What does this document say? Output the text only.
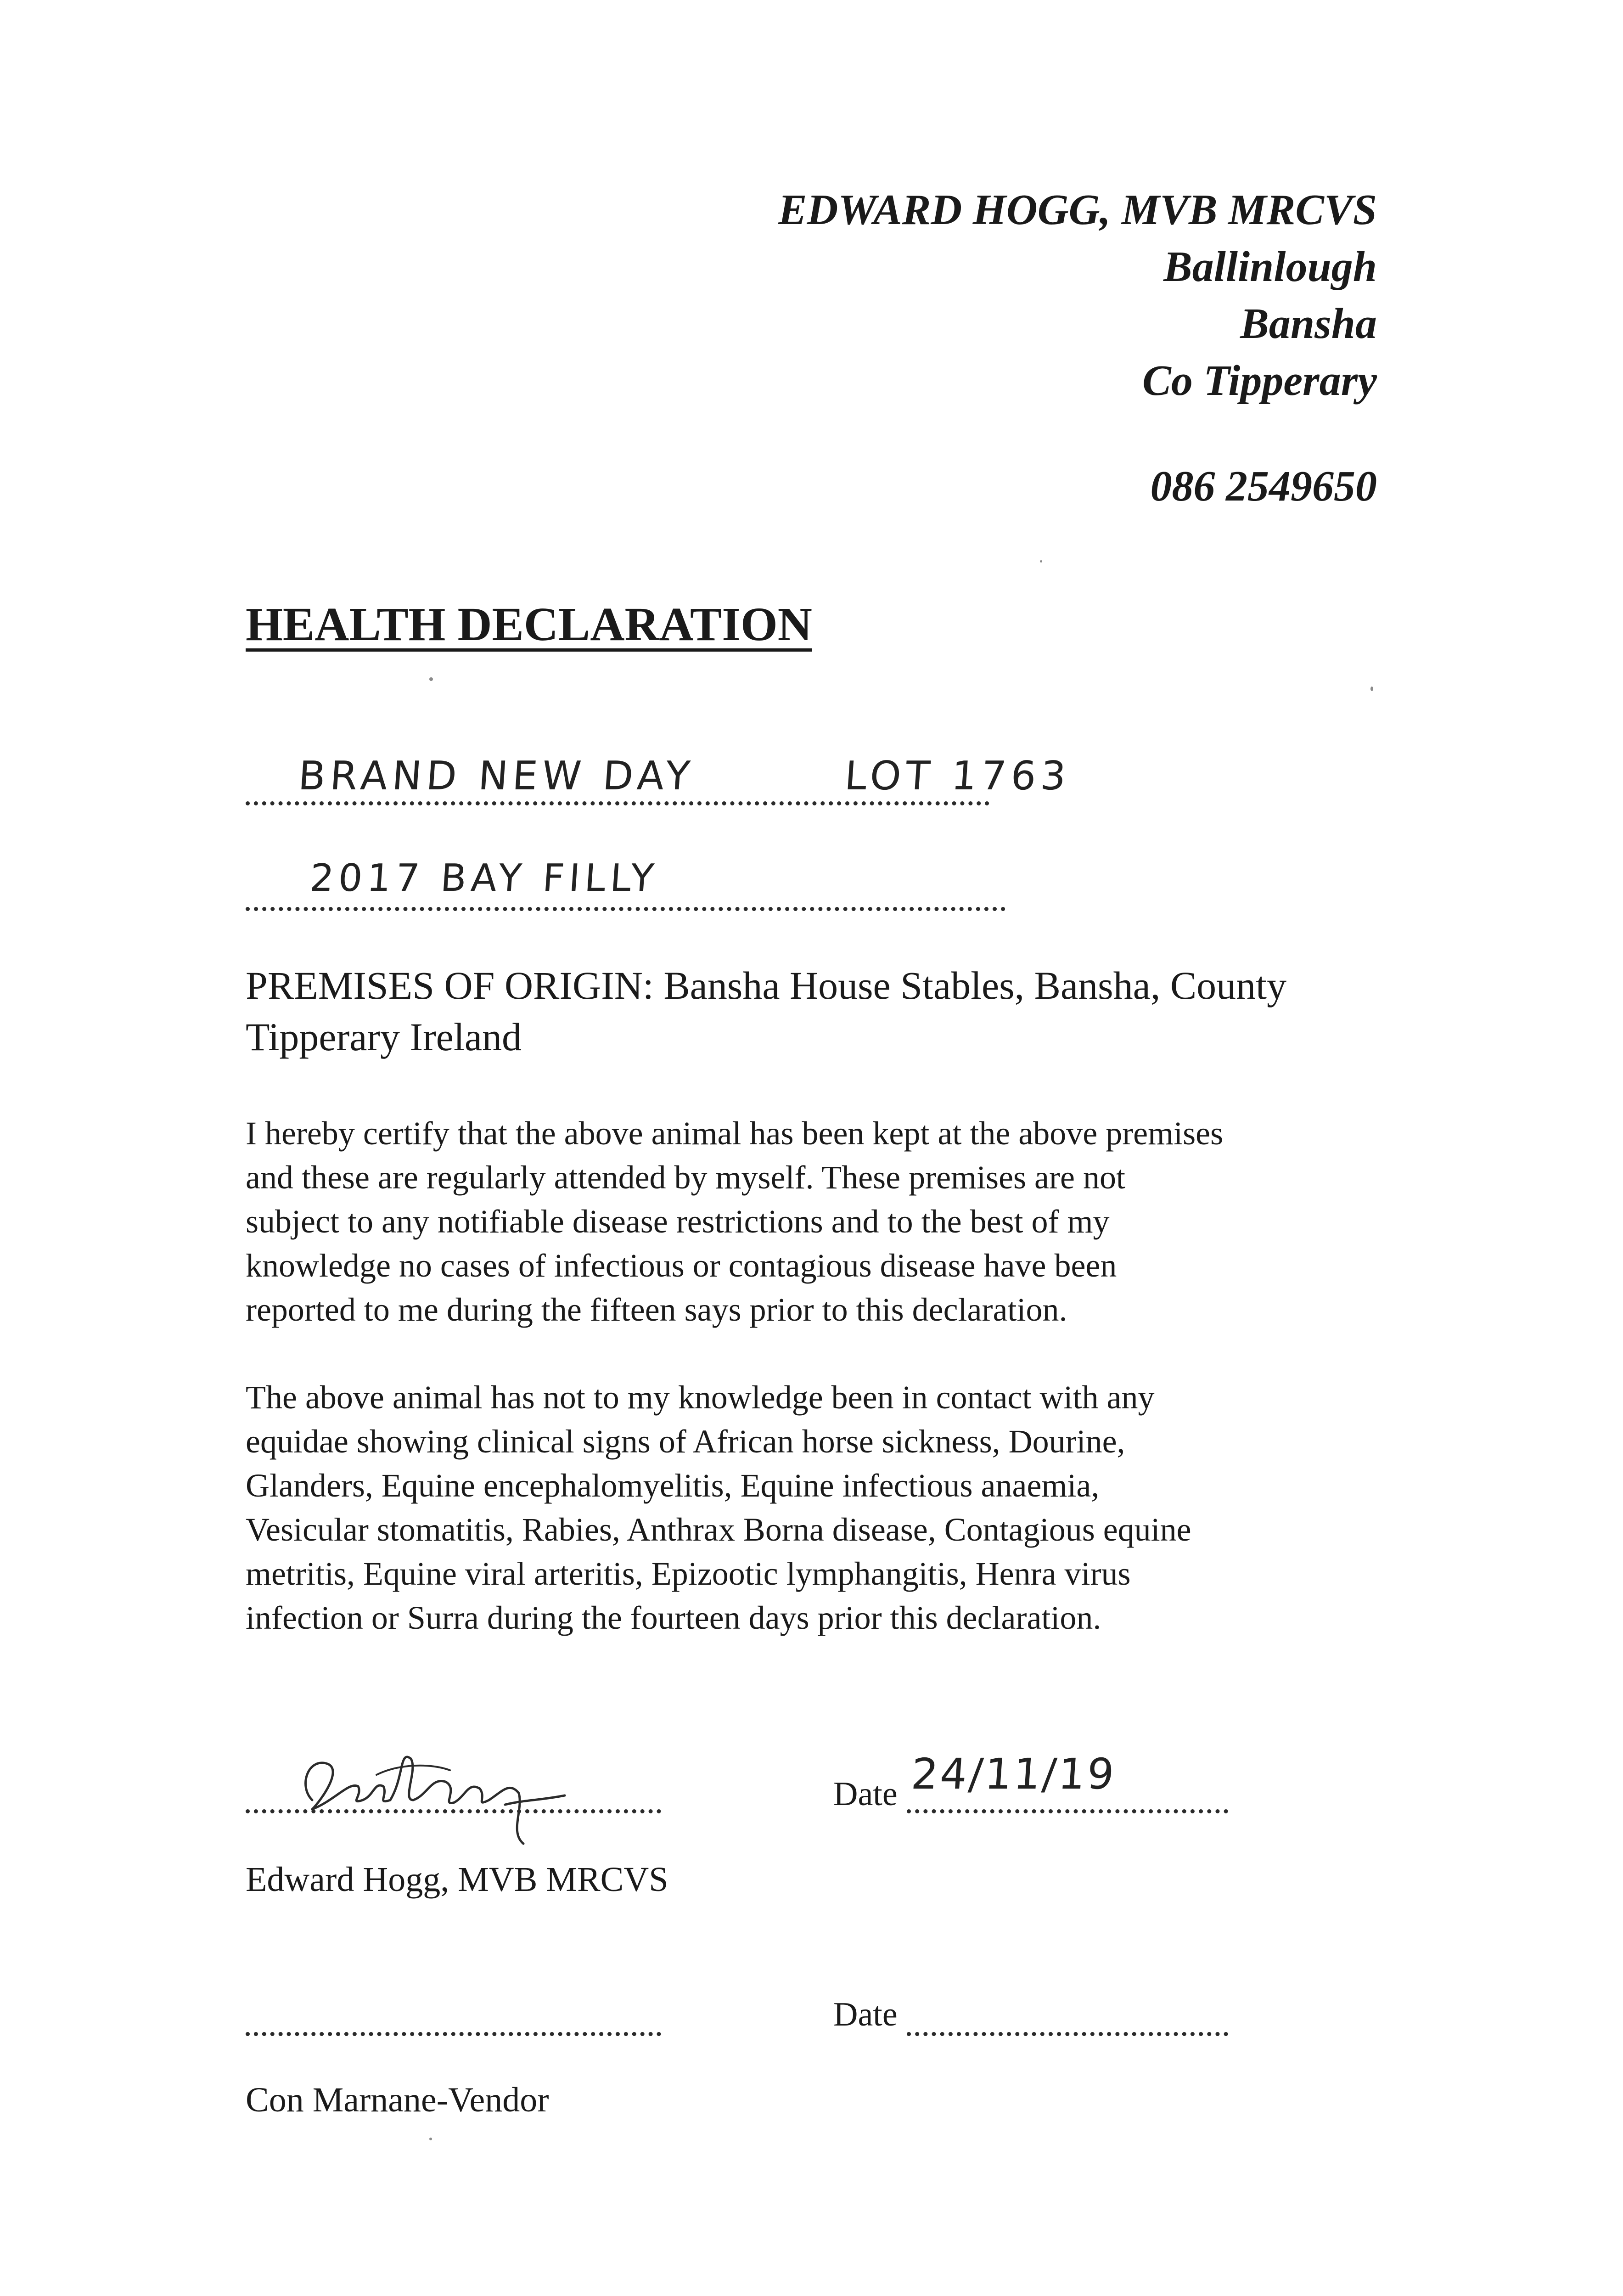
EDWARD HOGG, MVB MRCVS
Ballinlough
Bansha
Co Tipperary
086 2549650
HEALTH DECLARATION
BRAND NEW DAY	LOT 1763
2017 BAY FILLY
PREMISES OF ORIGIN: Bansha House Stables, Bansha, County Tipperary Ireland
I hereby certify that the above animal has been kept at the above premises
and these are regularly attended by myself. These premises are not
subject to any notifiable disease restrictions and to the best of my
knowledge no cases of infectious or contagious disease have been
reported to me during the fifteen says prior to this declaration.
The above animal has not to my knowledge been in contact with any
equidae showing clinical signs of African horse sickness, Dourine,
Glanders, Equine encephalomyelitis, Equine infectious anaemia,
Vesicular stomatitis, Rabies, Anthrax Borna disease, Contagious equine
metritis, Equine viral arteritis, Epizootic lymphangitis, Henra virus
infection or Surra during the fourteen days prior this declaration.
Date 24/11/19
Edward Hogg, MVB MRCVS
Date
Con Marnane-Vendor
